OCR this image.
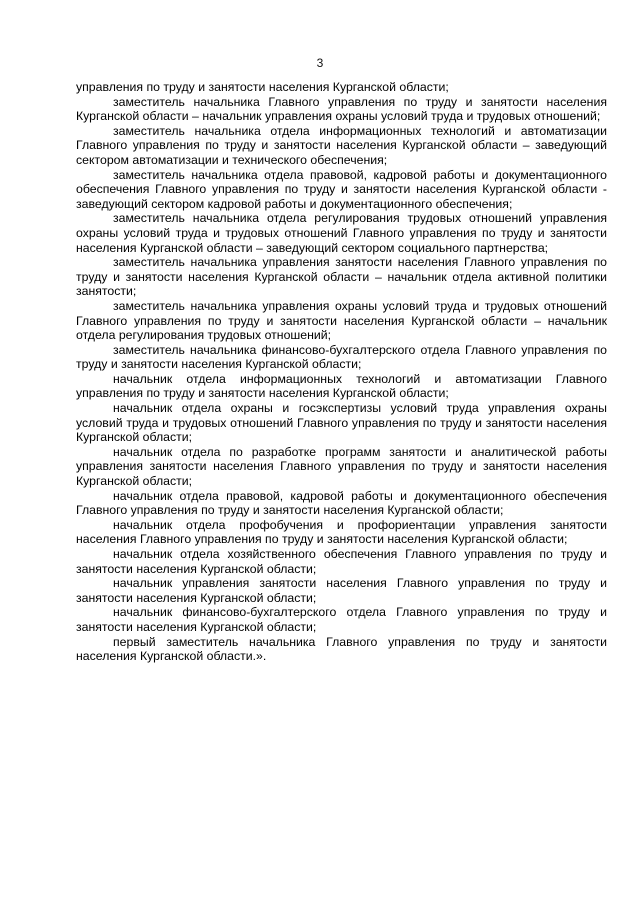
3

управления по труду и занятости населения Курганской области;

заместитель начальника Главного управления по труду и занятости населения Курганской области – начальник управления охраны условий труда и трудовых отношений;

заместитель начальника отдела информационных технологий и автоматизации Главного управления по труду и занятости населения Курганской области – заведующий сектором автоматизации и технического обеспечения;

заместитель начальника отдела правовой, кадровой работы и документационного обеспечения Главного управления по труду и занятости населения Курганской области - заведующий сектором кадровой работы и документационного обеспечения;

заместитель начальника отдела регулирования трудовых отношений управления охраны условий труда и трудовых отношений Главного управления по труду и занятости населения Курганской области – заведующий сектором социального партнерства;

заместитель начальника управления занятости населения Главного управления по труду и занятости населения Курганской области – начальник отдела активной политики занятости;

заместитель начальника управления охраны условий труда и трудовых отношений Главного управления по труду и занятости населения Курганской области – начальник отдела регулирования трудовых отношений;

заместитель начальника финансово-бухгалтерского отдела Главного управления по труду и занятости населения Курганской области;

начальник отдела информационных технологий и автоматизации Главного управления по труду и занятости населения Курганской области;

начальник отдела охраны и госэкспертизы условий труда управления охраны условий труда и трудовых отношений Главного управления по труду и занятости населения Курганской области;

начальник отдела по разработке программ занятости и аналитической работы управления занятости населения Главного управления по труду и занятости населения Курганской области;

начальник отдела правовой, кадровой работы и документационного обеспечения Главного управления по труду и занятости населения Курганской области;

начальник отдела профобучения и профориентации управления занятости населения Главного управления по труду и занятости населения Курганской области;

начальник отдела хозяйственного обеспечения Главного управления по труду и занятости населения Курганской области;

начальник управления занятости населения Главного управления по труду и занятости населения Курганской области;

начальник финансово-бухгалтерского отдела Главного управления по труду и занятости населения Курганской области;

первый заместитель начальника Главного управления по труду и занятости населения Курганской области.».
